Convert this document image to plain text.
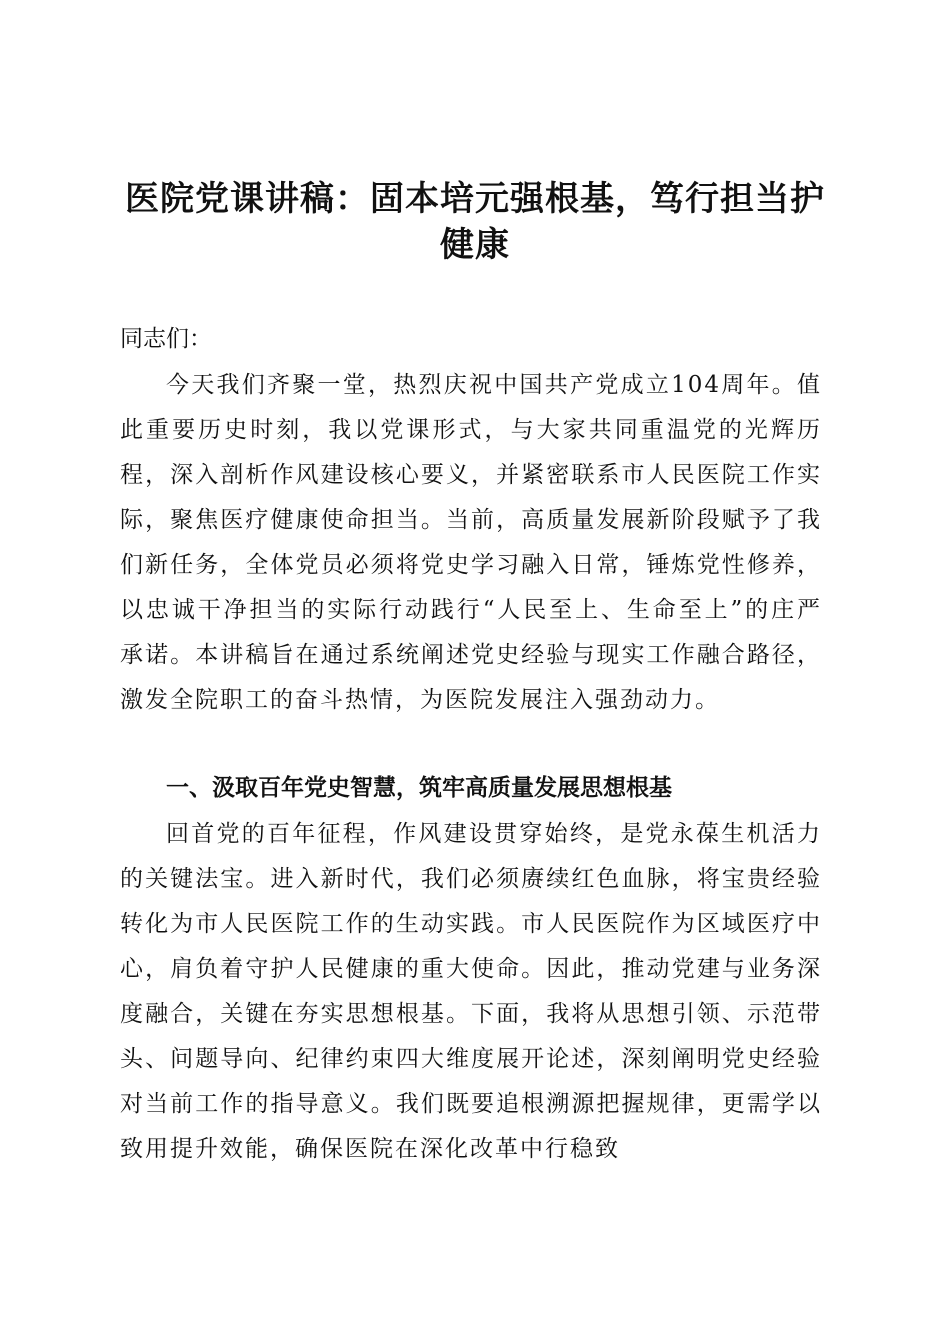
医院党课讲稿：固本培元强根基，笃行担当护健康
同志们：

今天我们齐聚一堂，热烈庆祝中国共产党成立104周年。值此重要历史时刻，我以党课形式，与大家共同重温党的光辉历程，深入剖析作风建设核心要义，并紧密联系市人民医院工作实际，聚焦医疗健康使命担当。当前，高质量发展新阶段赋予了我们新任务，全体党员必须将党史学习融入日常，锤炼党性修养，以忠诚干净担当的实际行动践行“人民至上、生命至上”的庄严承诺。本讲稿旨在通过系统阐述党史经验与现实工作融合路径，激发全院职工的奋斗热情，为医院发展注入强劲动力。

一、汲取百年党史智慧，筑牢高质量发展思想根基

回首党的百年征程，作风建设贯穿始终，是党永葆生机活力的关键法宝。进入新时代，我们必须赓续红色血脉，将宝贵经验转化为市人民医院工作的生动实践。市人民医院作为区域医疗中心，肩负着守护人民健康的重大使命。因此，推动党建与业务深度融合，关键在夯实思想根基。下面，我将从思想引领、示范带头、问题导向、纪律约束四大维度展开论述，深刻阐明党史经验对当前工作的指导意义。我们既要追根溯源把握规律，更需学以致用提升效能，确保医院在深化改革中行稳致
